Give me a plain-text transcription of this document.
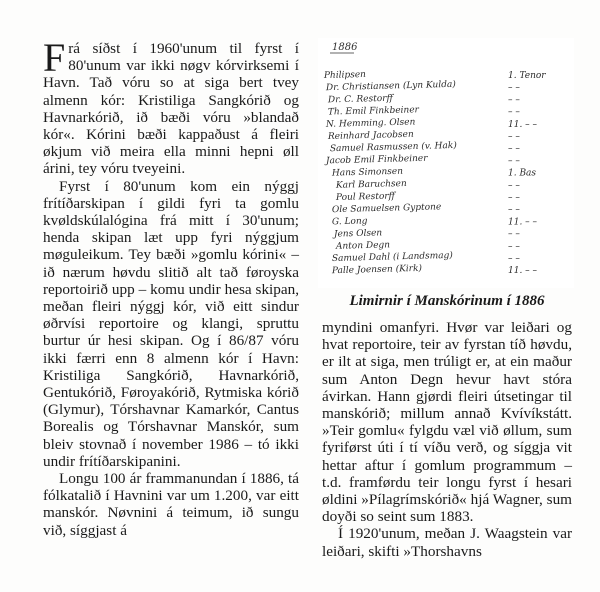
Frá síðst í 1960'unum til fyrst í 80'unum var ikki nøgv kórvirksemi í Havn. Tað vóru so at siga bert tvey almenn kór: Kristiliga Sangkórið og Havnarkórið, ið bæði vóru »blandað kór«. Kórini bæði kappaðust á fleiri økjum við meira ella minni hepni øll árini, tey vóru tveyeini.

Fyrst í 80'unum kom ein nýggj frítíðarskipan í gildi fyri ta gomlu kvøldskúlalógina frá mitt í 30'unum; henda skipan læt upp fyri nýggjum møguleikum. Tey bæði »gomlu kórini« – ið nærum høvdu slitið alt tað føroyska reportoirið upp – komu undir hesa skipan, meðan fleiri nýggj kór, við eitt sindur øðrvísi reportoire og klangi, spruttu burtur úr hesi skipan. Og í 86/87 vóru ikki færri enn 8 almenn kór í Havn: Kristiliga Sangkórið, Havnarkórið, Gentukórið, Føroyakórið, Rytmiska kórið (Glymur), Tórshavnar Kamarkór, Cantus Borealis og Tórshavnar Manskór, sum bleiv stovnað í november 1986 – tó ikki undir frítíðarskipanini.

Longu 100 ár frammanundan í 1886, tá fólkatalið í Havnini var um 1.200, var eitt manskór. Nøvnini á teimum, ið sungu við, síggjast á

1886
Philipsen	1. Tenor
Dr. Christiansen (Lyn Kulda)	– –
Dr. C. Restorff	– –
Th. Emil Finkbeiner	– –
N. Hemming. Olsen	11. – –
Reinhard Jacobsen	– –
Samuel Rasmussen (v. Hak)	– –
Jacob Emil Finkbeiner	– –
Hans Simonsen	1. Bas
Karl Baruchsen	– –
Poul Restorff	– –
Ole Samuelsen Gyptone	– –
G. Long	11. – –
Jens Olsen	– –
Anton Degn	– –
Samuel Dahl (i Landsmag)	– –
Palle Joensen (Kirk)	11. – –
Limirnir í Manskórinum í 1886

myndini omanfyri. Hvør var leiðari og hvat reportoire, teir av fyrstan tíð høvdu, er ilt at siga, men trúligt er, at ein maður sum Anton Degn hevur havt stóra ávirkan. Hann gjørdi fleiri útsetingar til manskórið; millum annað Kvívíkstátt. »Teir gomlu« fylgdu væl við øllum, sum fyriførst úti í tí víðu verð, og síggja vit hettar aftur í gomlum programmum – t.d. framførdu teir longu fyrst í hesari øldini »Pílagrímskórið« hjá Wagner, sum doyði so seint sum 1883.

Í 1920'unum, meðan J. Waagstein var leiðari, skifti »Thorshavns
